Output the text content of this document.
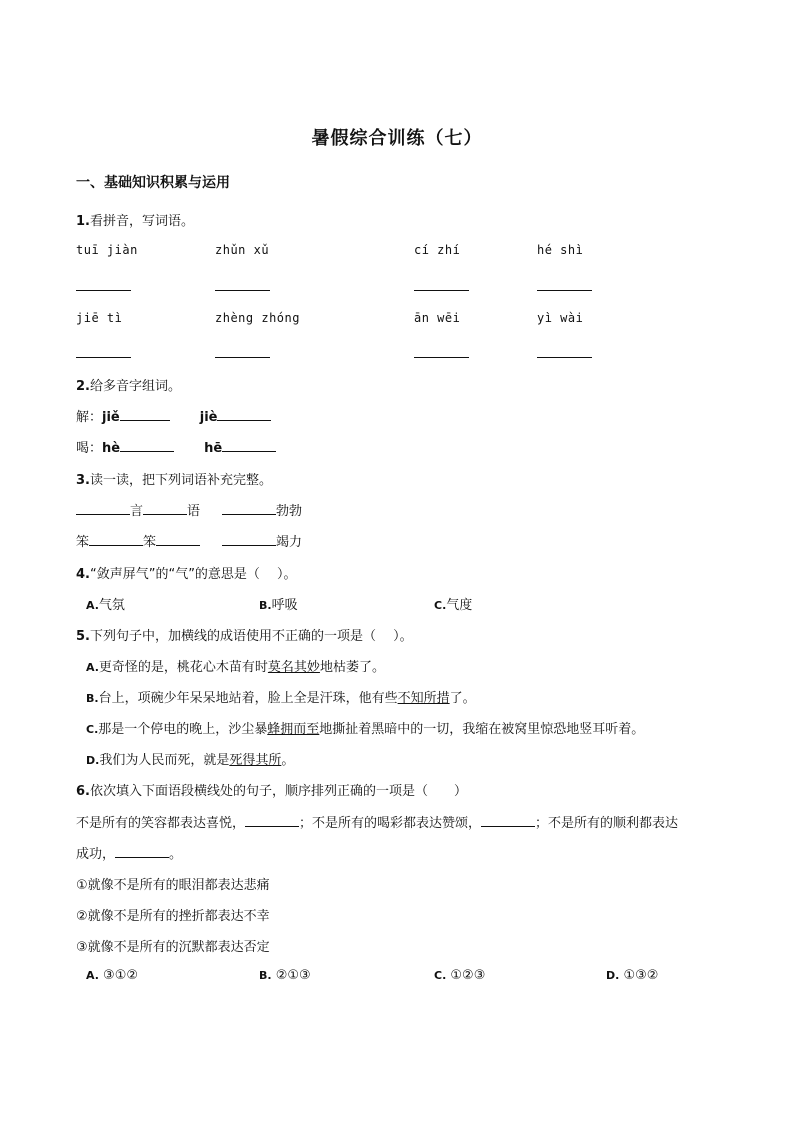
暑假综合训练（七）
一、基础知识积累与运用
1.看拼音，写词语。
tuī jiàn	zhǔn xǔ	cí zhí	hé shì
jiē tì	zhèng zhóng	ān wēi	yì wài
2.给多音字组词。
解：jiě	jiè
喝：hè	hē
3.读一读，把下列词语补充完整。
言	语	勃勃
笨	笨	竭力
4.“敛声屏气”的“气”的意思是（　 ）。
A.气氛	B.呼吸	C.气度
5.下列句子中，加横线的成语使用不正确的一项是（　 ）。
A.更奇怪的是，桃花心木苗有时莫名其妙地枯萎了。
B.台上，项碗少年呆呆地站着，脸上全是汗珠，他有些不知所措了。
C.那是一个停电的晚上，沙尘暴蜂拥而至地撕扯着黑暗中的一切，我缩在被窝里惊恐地竖耳听着。
D.我们为人民而死，就是死得其所。
6.依次填入下面语段横线处的句子，顺序排列正确的一项是（　　）
不是所有的笑容都表达喜悦，	；不是所有的喝彩都表达赞颂，	；不是所有的顺利都表达
成功，	。
①就像不是所有的眼泪都表达悲痛
②就像不是所有的挫折都表达不幸
③就像不是所有的沉默都表达否定
A. ③①②	B. ②①③	C. ①②③	D. ①③②
